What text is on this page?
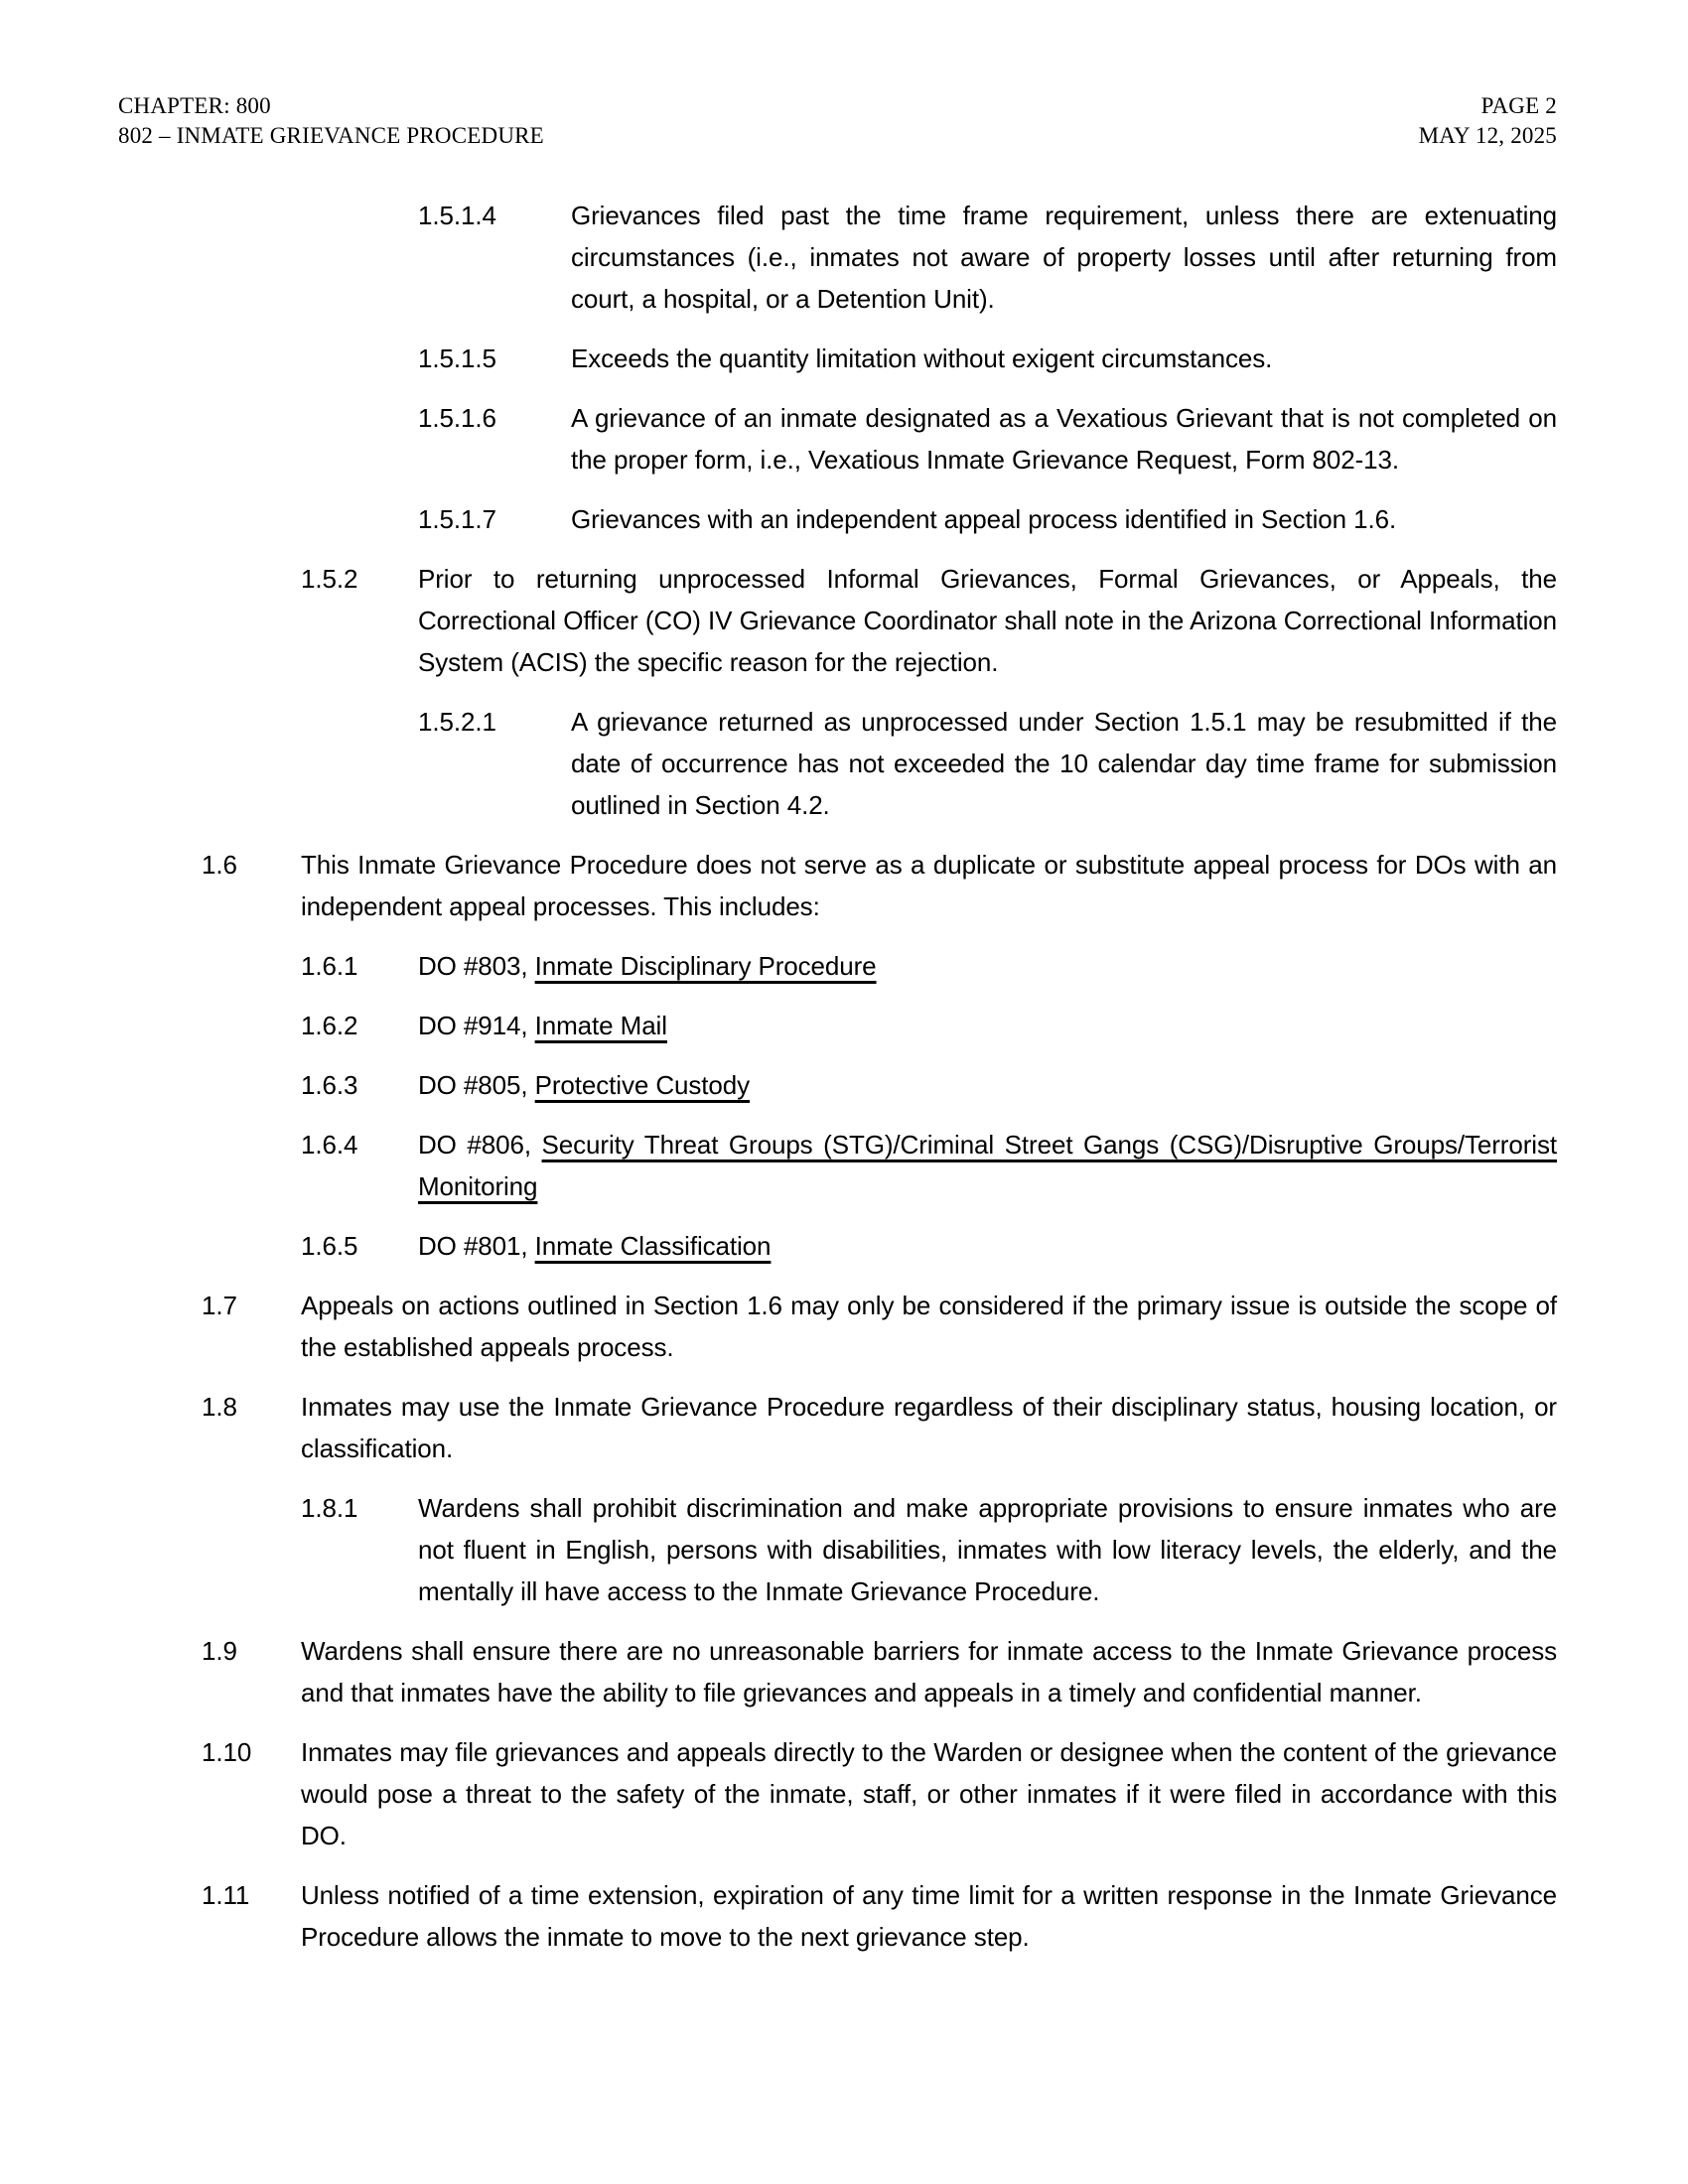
CHAPTER: 800
802 – INMATE GRIEVANCE PROCEDURE
PAGE 2
MAY 12, 2025
1.5.1.4	Grievances filed past the time frame requirement, unless there are extenuating circumstances (i.e., inmates not aware of property losses until after returning from court, a hospital, or a Detention Unit).
1.5.1.5	Exceeds the quantity limitation without exigent circumstances.
1.5.1.6	A grievance of an inmate designated as a Vexatious Grievant that is not completed on the proper form, i.e., Vexatious Inmate Grievance Request, Form 802-13.
1.5.1.7	Grievances with an independent appeal process identified in Section 1.6.
1.5.2	Prior to returning unprocessed Informal Grievances, Formal Grievances, or Appeals, the Correctional Officer (CO) IV Grievance Coordinator shall note in the Arizona Correctional Information System (ACIS) the specific reason for the rejection.
1.5.2.1	A grievance returned as unprocessed under Section 1.5.1 may be resubmitted if the date of occurrence has not exceeded the 10 calendar day time frame for submission outlined in Section 4.2.
1.6	This Inmate Grievance Procedure does not serve as a duplicate or substitute appeal process for DOs with an independent appeal processes. This includes:
1.6.1	DO #803, Inmate Disciplinary Procedure
1.6.2	DO #914, Inmate Mail
1.6.3	DO #805, Protective Custody
1.6.4	DO #806, Security Threat Groups (STG)/Criminal Street Gangs (CSG)/Disruptive Groups/Terrorist Monitoring
1.6.5	DO #801, Inmate Classification
1.7	Appeals on actions outlined in Section 1.6 may only be considered if the primary issue is outside the scope of the established appeals process.
1.8	Inmates may use the Inmate Grievance Procedure regardless of their disciplinary status, housing location, or classification.
1.8.1	Wardens shall prohibit discrimination and make appropriate provisions to ensure inmates who are not fluent in English, persons with disabilities, inmates with low literacy levels, the elderly, and the mentally ill have access to the Inmate Grievance Procedure.
1.9	Wardens shall ensure there are no unreasonable barriers for inmate access to the Inmate Grievance process and that inmates have the ability to file grievances and appeals in a timely and confidential manner.
1.10	Inmates may file grievances and appeals directly to the Warden or designee when the content of the grievance would pose a threat to the safety of the inmate, staff, or other inmates if it were filed in accordance with this DO.
1.11	Unless notified of a time extension, expiration of any time limit for a written response in the Inmate Grievance Procedure allows the inmate to move to the next grievance step.
